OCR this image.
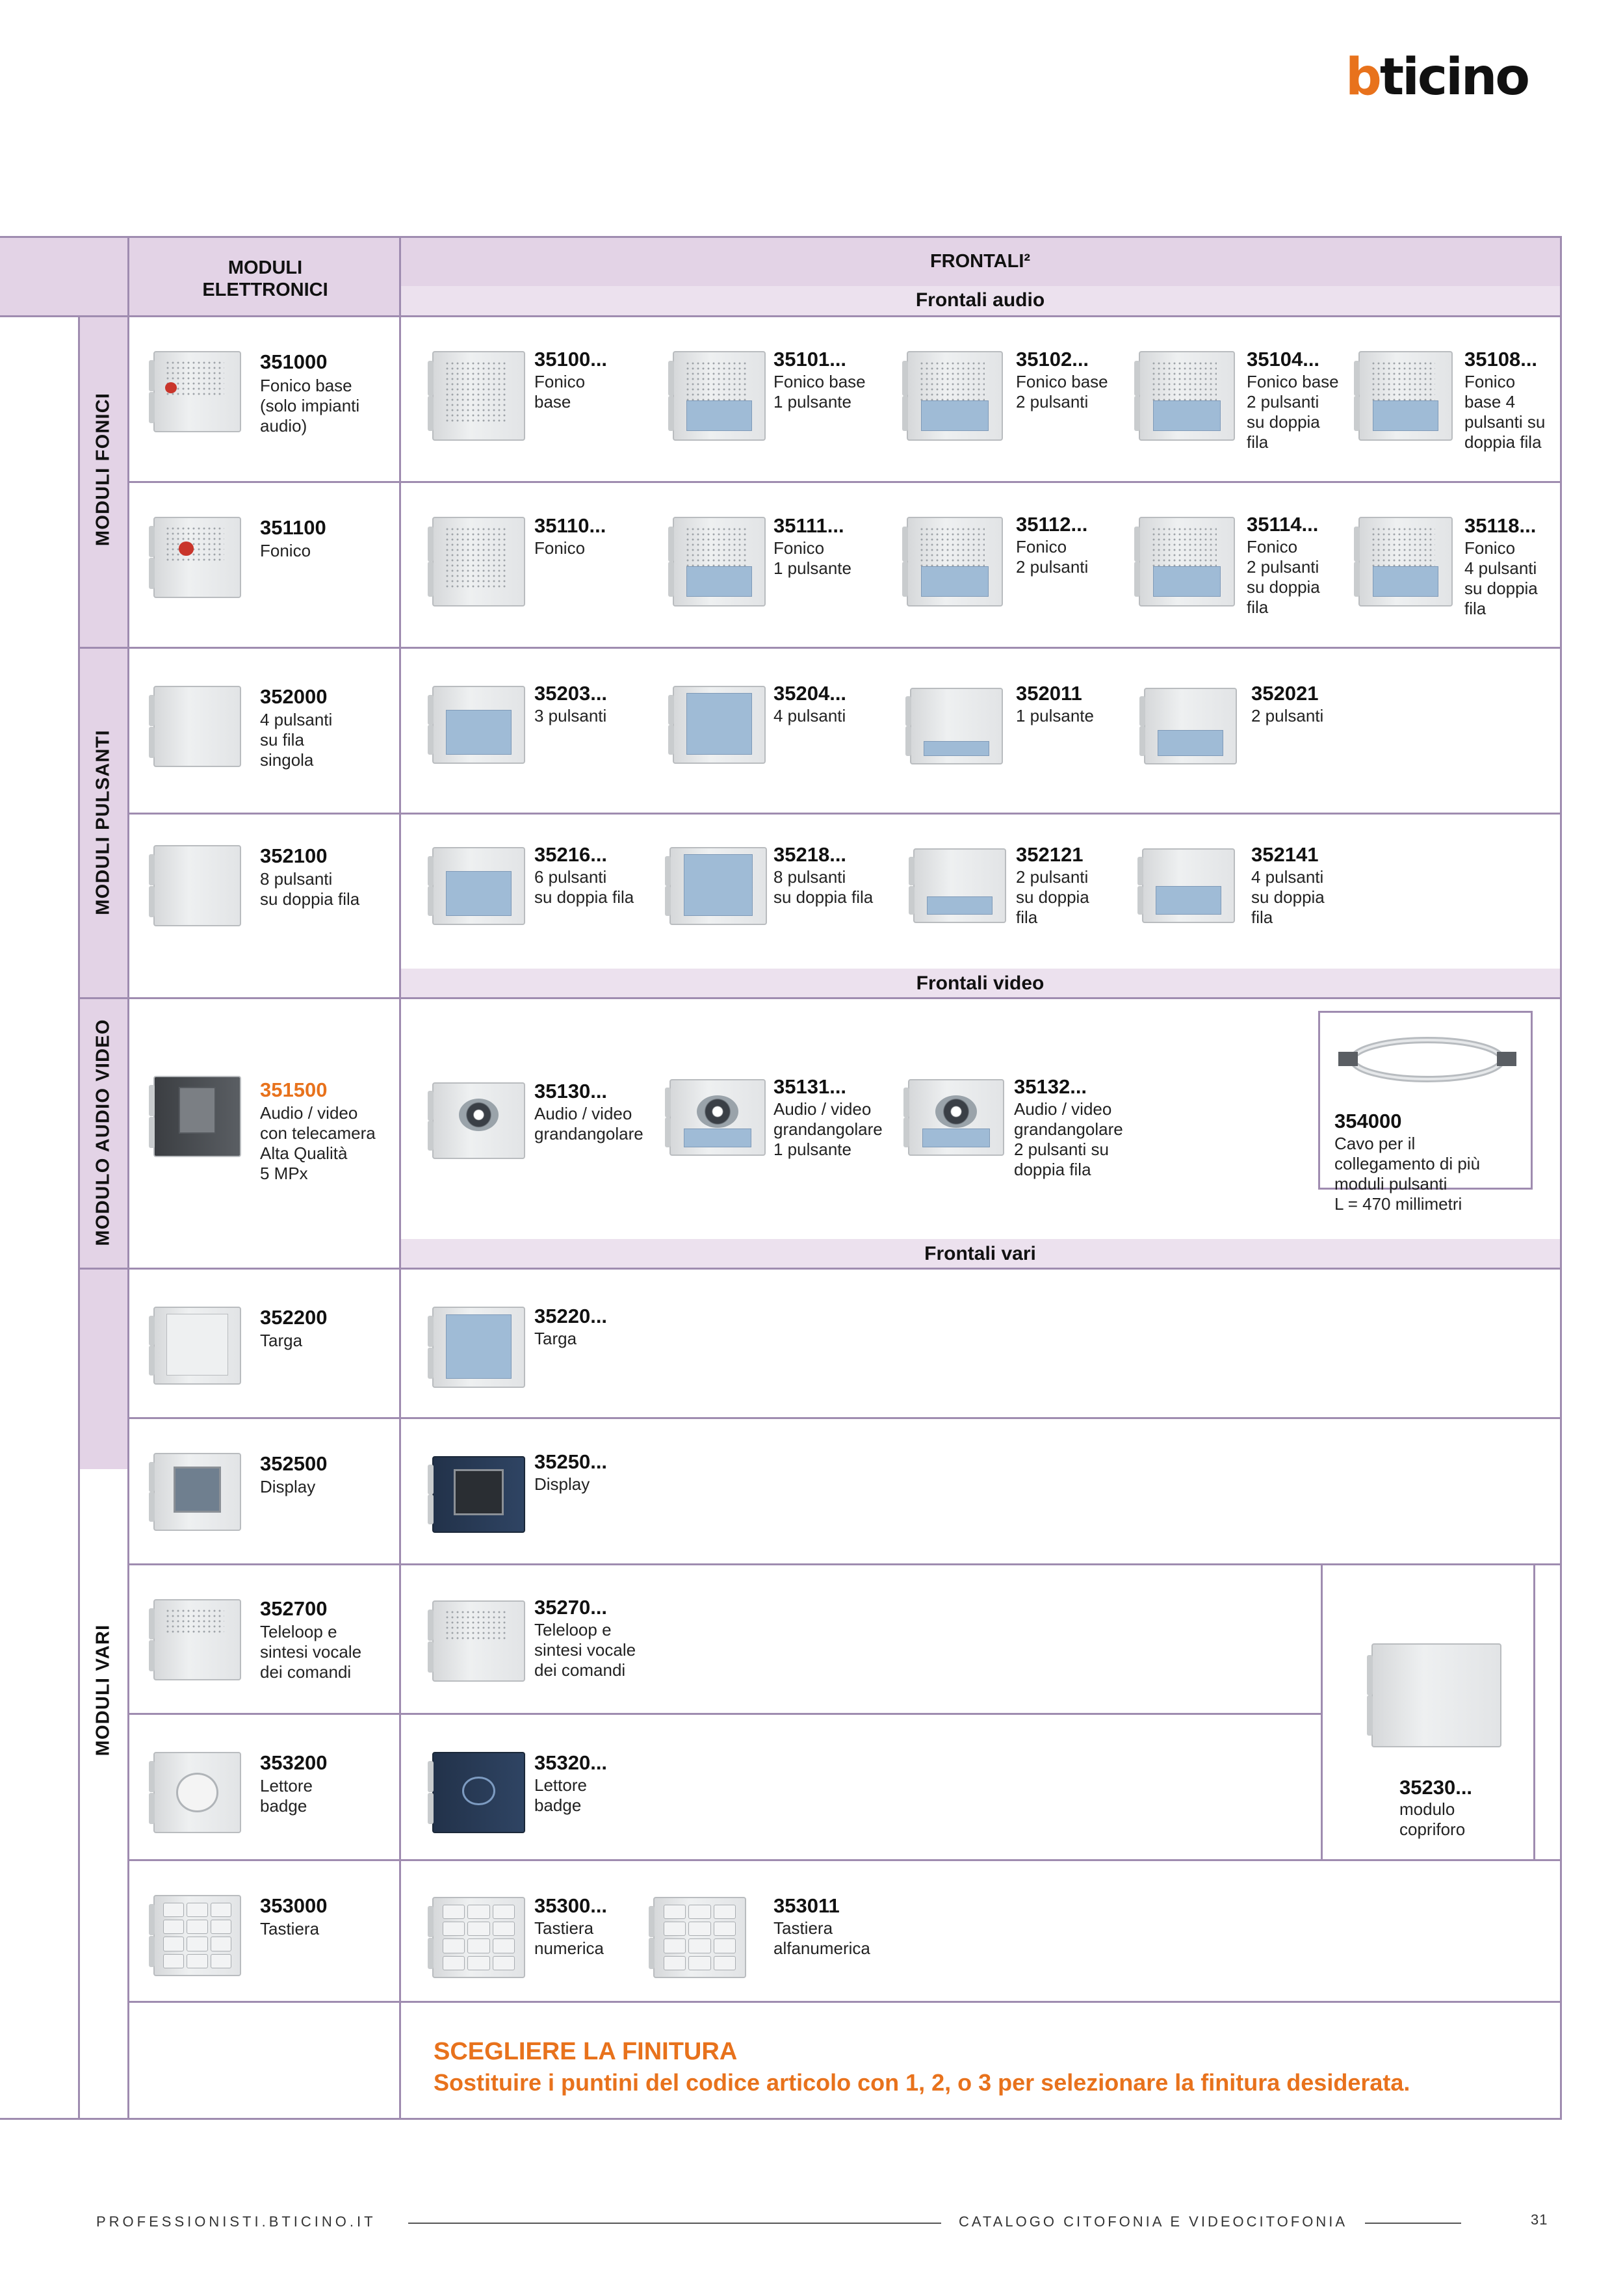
bticino
MODULI
ELETTRONICI
FRONTALI²
Frontali audio
Frontali video
Frontali vari
MODULI FONICI
MODULI PULSANTI
MODULO AUDIO VIDEO
MODULI VARI
351000
Fonico base
(solo impianti
audio)
35100...
Fonico
base
35101...
Fonico base
1 pulsante
35102...
Fonico base
2 pulsanti
35104...
Fonico base
2 pulsanti
su doppia
fila
35108...
Fonico
base 4
pulsanti su
doppia fila
351100
Fonico
35110...
Fonico
35111...
Fonico
1 pulsante
35112...
Fonico
2 pulsanti
35114...
Fonico
2 pulsanti
su doppia
fila
35118...
Fonico
4 pulsanti
su doppia
fila
352000
4 pulsanti
su fila
singola
35203...
3 pulsanti
35204...
4 pulsanti
352011
1 pulsante
352021
2 pulsanti
352100
8 pulsanti
su doppia fila
35216...
6 pulsanti
su doppia fila
35218...
8 pulsanti
su doppia fila
352121
2 pulsanti
su doppia
fila
352141
4 pulsanti
su doppia
fila
351500
Audio / video
con telecamera
Alta Qualità
5 MPx
35130...
Audio / video
grandangolare
35131...
Audio / video
grandangolare
1 pulsante
35132...
Audio / video
grandangolare
2 pulsanti su
doppia fila
354000
Cavo per il
collegamento di più
moduli pulsanti
L = 470 millimetri
352200
Targa
35220...
Targa
352500
Display
35250...
Display
352700
Teleloop e
sintesi vocale
dei comandi
35270...
Teleloop e
sintesi vocale
dei comandi
353200
Lettore
badge
35320...
Lettore
badge
35230...
modulo
copriforo
353000
Tastiera
35300...
Tastiera
numerica
353011
Tastiera
alfanumerica
SCEGLIERE LA FINITURA
Sostituire i puntini del codice articolo con 1, 2, o 3 per selezionare la finitura desiderata.
PROFESSIONISTI.BTICINO.IT	CATALOGO CITOFONIA E VIDEOCITOFONIA	31
